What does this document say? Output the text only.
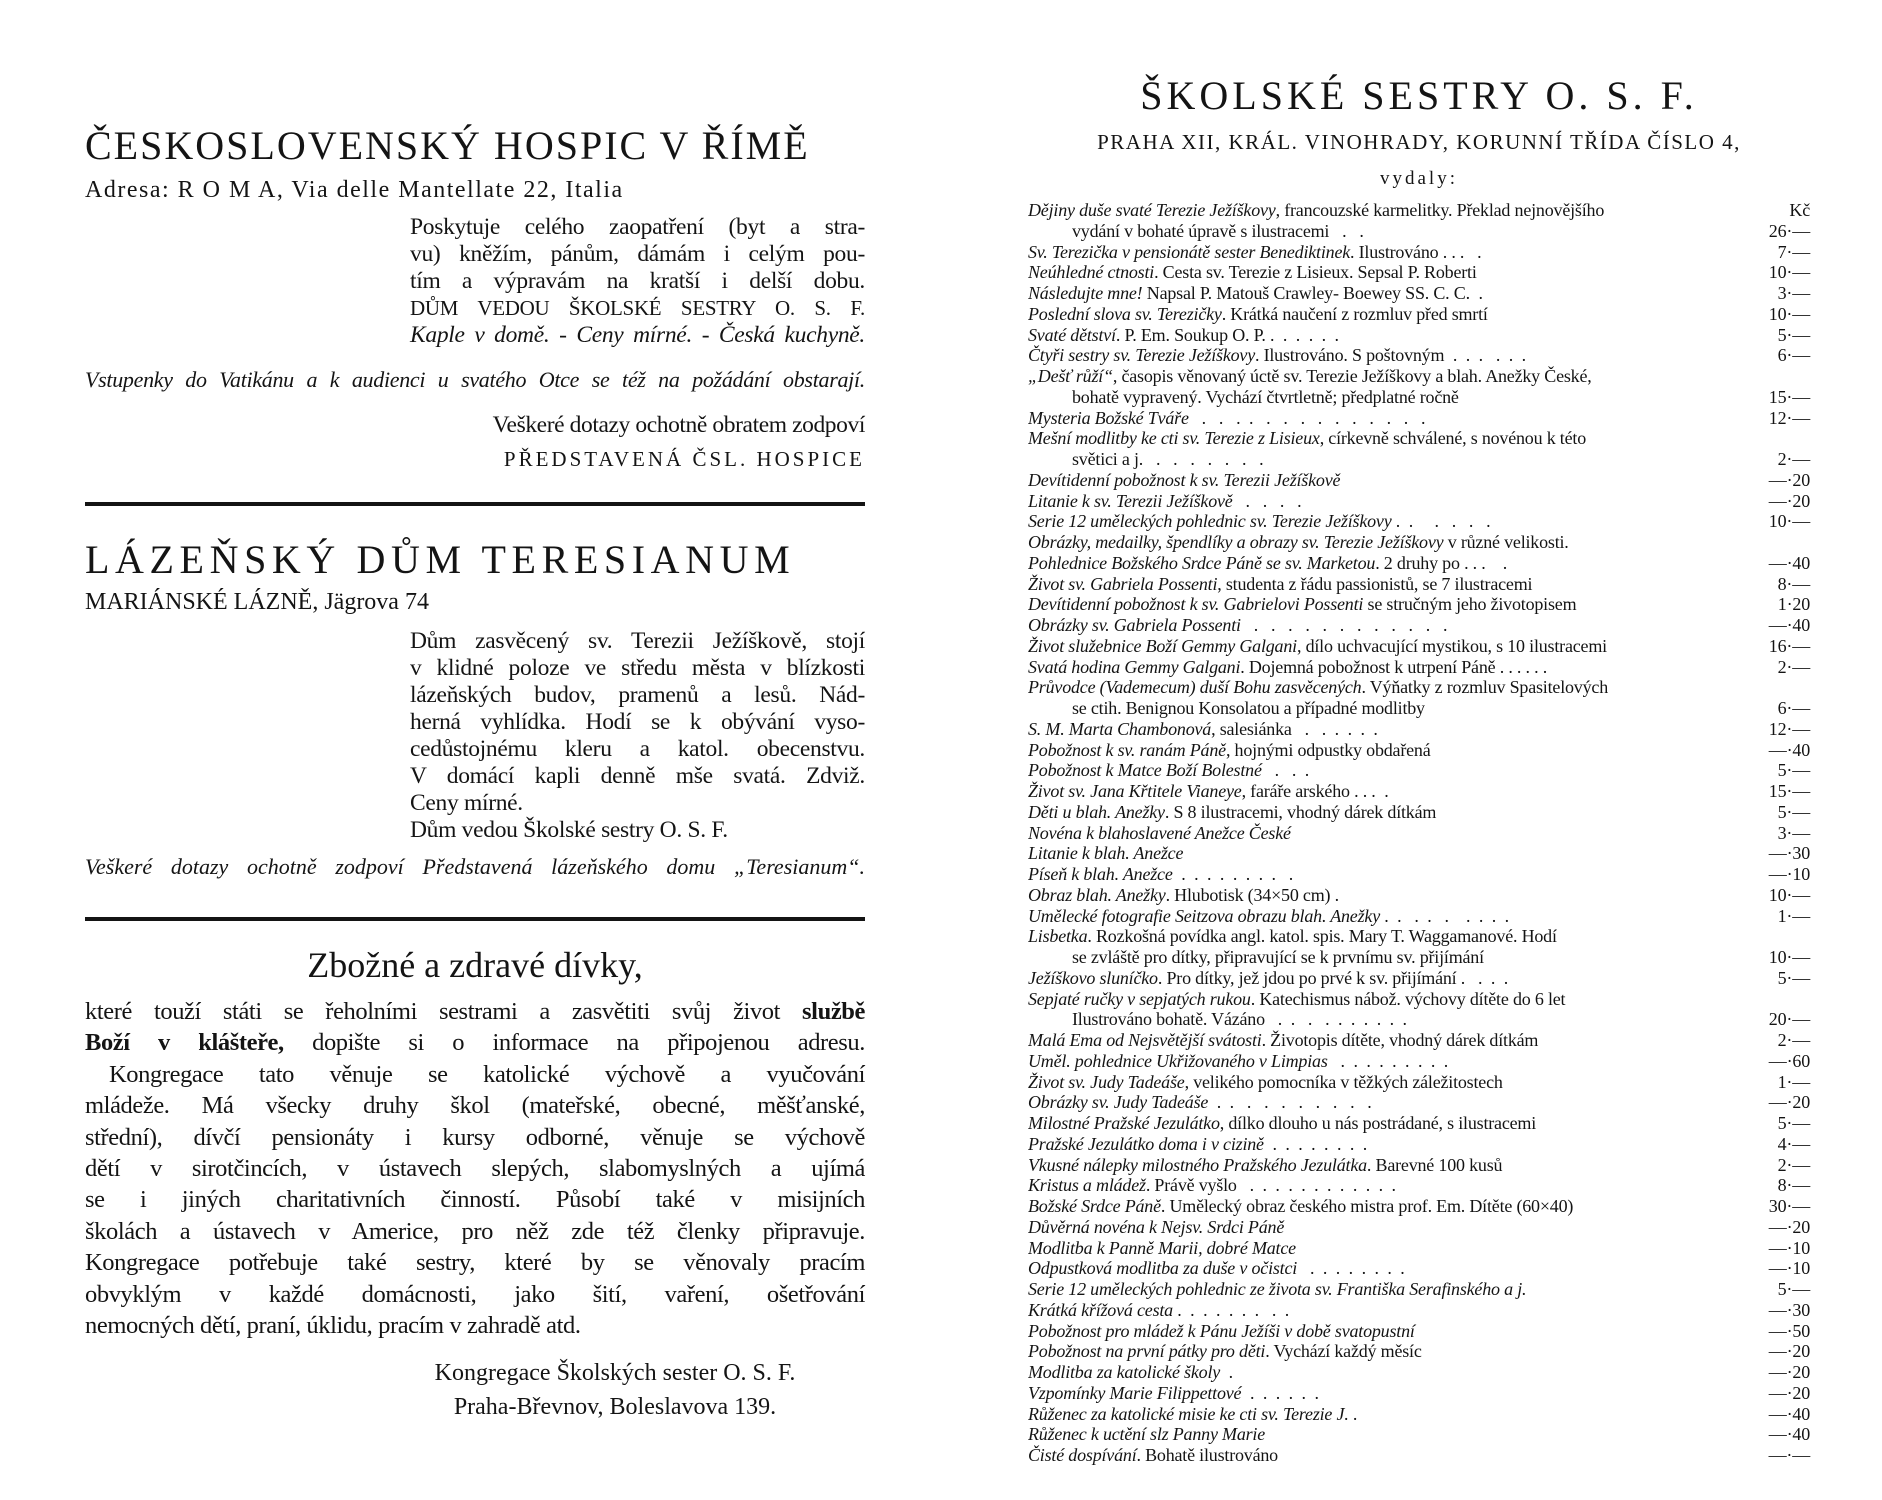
ČESKOSLOVENSKÝ HOSPIC V ŘÍMĚ
Adresa: R O M A, Via delle Mantellate 22, Italia
Poskytuje celého zaopatření (byt a stra-
vu) kněžím, pánům, dámám i celým pou-
tím a výpravám na kratší i delší dobu.
DŮM VEDOU ŠKOLSKÉ SESTRY O. S. F.
Kaple v domě. - Ceny mírné. - Česká kuchyně.
Vstupenky do Vatikánu a k audienci u svatého Otce se též na požádání obstarají.
Veškeré dotazy ochotně obratem zodpoví
PŘEDSTAVENÁ ČSL. HOSPICE
LÁZEŇSKÝ DŮM TERESIANUM
MARIÁNSKÉ LÁZNĚ, Jägrova 74
Dům zasvěcený sv. Terezii Ježíškově, stojí
v klidné poloze ve středu města v blízkosti
lázeňských budov, pramenů a lesů. Nád-
herná vyhlídka. Hodí se k obývání vyso-
cedůstojnému kleru a katol. obecenstvu.
V domácí kapli denně mše svatá. Zdviž.
Ceny mírné.
Dům vedou Školské sestry O. S. F.
Veškeré dotazy ochotně zodpoví Představená lázeňského domu „Teresianum“.
Zbožné a zdravé dívky,
které touží státi se řeholními sestrami a zasvětiti svůj život službě
Boží v klášteře, dopište si o informace na připojenou adresu.
Kongregace tato věnuje se katolické výchově a vyučování
mládeže. Má všecky druhy škol (mateřské, obecné, měšťanské,
střední), dívčí pensionáty i kursy odborné, věnuje se výchově
dětí v sirotčincích, v ústavech slepých, slabomyslných a ujímá
se i jiných charitativních činností. Působí také v misijních
školách a ústavech v Americe, pro něž zde též členky připravuje.
Kongregace potřebuje také sestry, které by se věnovaly pracím
obvyklým v každé domácnosti, jako šití, vaření, ošetřování
nemocných dětí, praní, úklidu, pracím v zahradě atd.
Kongregace Školských sester O. S. F.
Praha-Břevnov, Boleslavova 139.
ŠKOLSKÉ SESTRY O. S. F.
PRAHA XII, KRÁL. VINOHRADY, KORUNNÍ TŘÍDA ČÍSLO 4,
vydaly:
Dějiny duše svaté Terezie Ježíškovy, francouzské karmelitky. Překlad nejnovějšího	Kč
vydání v bohaté úpravě s ilustracemi   .   .	26·—
Sv. Terezička v pensionátě sester Benediktinek. Ilustrováno . . .   .	7·—
Neúhledné ctnosti. Cesta sv. Terezie z Lisieux. Sepsal P. Roberti	10·—
Následujte mne! Napsal P. Matouš Crawley- Boewey SS. C. C.  .	3·—
Poslední slova sv. Terezičky. Krátká naučení z rozmluv před smrtí	10·—
Svaté dětství. P. Em. Soukup O. P. .  .  .  .  .  .	5·—
Čtyři sestry sv. Terezie Ježíškovy. Ilustrováno. S poštovným  .  .  .   .  .  .	6·—
„Dešť růží“, časopis věnovaný úctě sv. Terezie Ježíškovy a blah. Anežky České,
bohatě vypravený. Vychází čtvrtletně; předplatné ročně	15·—
Mysteria Božské Tváře   .   .   .  .   .   .   .   .   .   .   .   .   .   .	12·—
Mešní modlitby ke cti sv. Terezie z Lisieux, církevně schválené, s novénou k této
světici a j.   .   .   .   .   .   .   .	2·—
Devítidenní pobožnost k sv. Terezii Ježíškově	—·20
Litanie k sv. Terezii Ježíškově   .   .   .   .	—·20
Serie 12 uměleckých pohlednic sv. Terezie Ježíškovy .  .     .   .   .   .	10·—
Obrázky, medailky, špendlíky a obrazy sv. Terezie Ježíškovy v různé velikosti.
Pohlednice Božského Srdce Páně se sv. Marketou. 2 druhy po . . .    .	—·40
Život sv. Gabriela Possenti, studenta z řádu passionistů, se 7 ilustracemi	8·—
Devítidenní pobožnost k sv. Gabrielovi Possenti se stručným jeho životopisem	1·20
Obrázky sv. Gabriela Possenti   .   .   .   .   .   .   .   .   .   .   .   .	—·40
Život služebnice Boží Gemmy Galgani, dílo uchvacující mystikou, s 10 ilustracemi	16·—
Svatá hodina Gemmy Galgani. Dojemná pobožnost k utrpení Páně . . . . . .	2·—
Průvodce (Vademecum) duší Bohu zasvěcených. Výňatky z rozmluv Spasitelových
se ctih. Benignou Konsolatou a případné modlitby	6·—
S. M. Marta Chambonová, salesiánka   .   .  .  .  .  .	12·—
Pobožnost k sv. ranám Páně, hojnými odpustky obdařená	—·40
Pobožnost k Matce Boží Bolestné   .   .  .	5·—
Život sv. Jana Křtitele Vianeye, faráře arského . . .  .	15·—
Děti u blah. Anežky. S 8 ilustracemi, vhodný dárek dítkám	5·—
Novéna k blahoslavené Anežce České	3·—
Litanie k blah. Anežce	—·30
Píseň k blah. Anežce  .  .  .  .  .  .  .  .   .	—·10
Obraz blah. Anežky. Hlubotisk (34×50 cm) .	10·—
Umělecké fotografie Seitzova obrazu blah. Anežky .  .   .  .   .    .  .  .  .	1·—
Lisbetka. Rozkošná povídka angl. katol. spis. Mary T. Waggamanové. Hodí
se zvláště pro dítky, připravující se k prvnímu sv. přijímání	10·—
Ježíškovo sluníčko. Pro dítky, jež jdou po prvé k sv. přijímání .   .  .  .	5·—
Sepjaté ručky v sepjatých rukou. Katechismus nábož. výchovy dítěte do 6 let
Ilustrováno bohatě. Vázáno   .  .   .   .  .  .  .  .  .  .	20·—
Malá Ema od Nejsvětější svátosti. Životopis dítěte, vhodný dárek dítkám	2·—
Uměl. pohlednice Ukřižovaného v Limpias   .  .  .  .  .  .  .  .  .	—·60
Život sv. Judy Tadeáše, velikého pomocníka v těžkých záležitostech	1·—
Obrázky sv. Judy Tadeáše  .  .   .   .   .   .   .   .   .   .	—·20
Milostné Pražské Jezulátko, dílko dlouho u nás postrádané, s ilustracemi	5·—
Pražské Jezulátko doma i v cizině  .  .  .  .  .  .  .  .	4·—
Vkusné nálepky milostného Pražského Jezulátka. Barevné 100 kusů	2·—
Kristus a mládež. Právě vyšlo   .  .  .  .  .  .  .  .  .  .  .  .	8·—
Božské Srdce Páně. Umělecký obraz českého mistra prof. Em. Dítěte (60×40)	30·—
Důvěrná novéna k Nejsv. Srdci Páně	—·20
Modlitba k Panně Marii, dobré Matce	—·10
Odpustková modlitba za duše v očistci   .  .  .  .  .  .  .  .	—·10
Serie 12 uměleckých pohlednic ze života sv. Františka Serafinského a j.	5·—
Krátká křížová cesta .  .  .  .  .  .  .   .  .	—·30
Pobožnost pro mládež k Pánu Ježíši v době svatopustní	—·50
Pobožnost na první pátky pro děti. Vychází každý měsíc	—·20
Modlitba za katolické školy  .	—·20
Vzpomínky Marie Filippettové  .  .  .  .  .  .	—·20
Růženec za katolické misie ke cti sv. Terezie J. .	—·40
Růženec k uctění slz Panny Marie	—·40
Čisté dospívání. Bohatě ilustrováno	—·—
